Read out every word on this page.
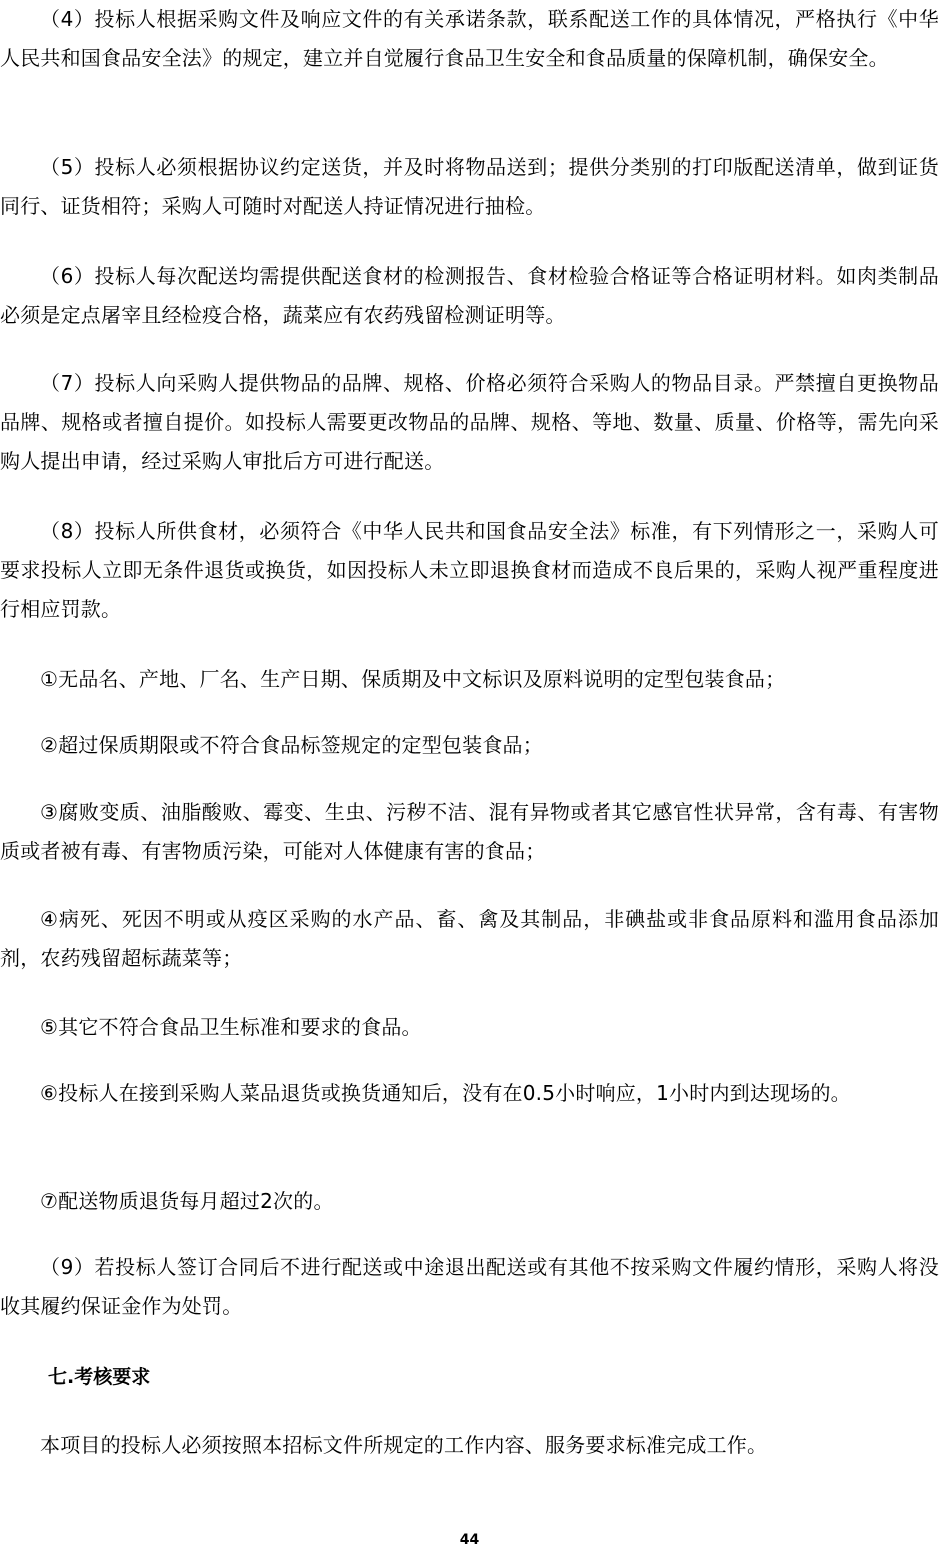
（4）投标人根据采购文件及响应文件的有关承诺条款，联系配送工作的具体情况，严格执行《中华人民共和国食品安全法》的规定，建立并自觉履行食品卫生安全和食品质量的保障机制，确保安全。

（5）投标人必须根据协议约定送货，并及时将物品送到；提供分类别的打印版配送清单，做到证货同行、证货相符；采购人可随时对配送人持证情况进行抽检。

（6）投标人每次配送均需提供配送食材的检测报告、食材检验合格证等合格证明材料。如肉类制品必须是定点屠宰且经检疫合格，蔬菜应有农药残留检测证明等。

（7）投标人向采购人提供物品的品牌、规格、价格必须符合采购人的物品目录。严禁擅自更换物品品牌、规格或者擅自提价。如投标人需要更改物品的品牌、规格、等地、数量、质量、价格等，需先向采购人提出申请，经过采购人审批后方可进行配送。

（8）投标人所供食材，必须符合《中华人民共和国食品安全法》标准，有下列情形之一，采购人可要求投标人立即无条件退货或换货，如因投标人未立即退换食材而造成不良后果的，采购人视严重程度进行相应罚款。

①无品名、产地、厂名、生产日期、保质期及中文标识及原料说明的定型包装食品；

②超过保质期限或不符合食品标签规定的定型包装食品；

③腐败变质、油脂酸败、霉变、生虫、污秽不洁、混有异物或者其它感官性状异常，含有毒、有害物质或者被有毒、有害物质污染，可能对人体健康有害的食品；

④病死、死因不明或从疫区采购的水产品、畜、禽及其制品，非碘盐或非食品原料和滥用食品添加剂，农药残留超标蔬菜等；

⑤其它不符合食品卫生标准和要求的食品。

⑥投标人在接到采购人菜品退货或换货通知后，没有在0.5小时响应，1小时内到达现场的。

⑦配送物质退货每月超过2次的。

（9）若投标人签订合同后不进行配送或中途退出配送或有其他不按采购文件履约情形，采购人将没收其履约保证金作为处罚。

七.考核要求

本项目的投标人必须按照本招标文件所规定的工作内容、服务要求标准完成工作。

44
